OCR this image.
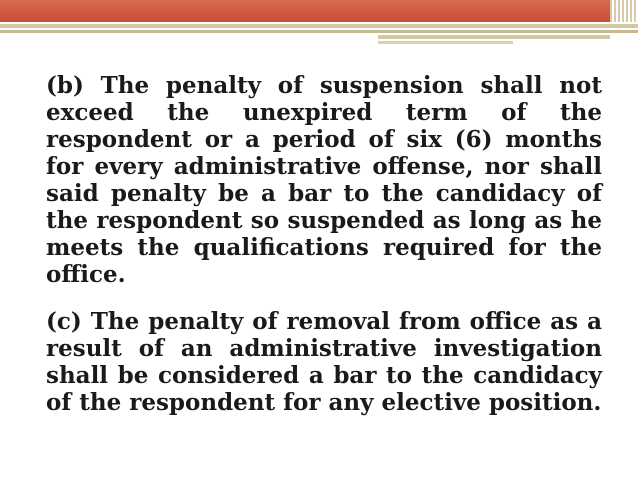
(b) The penalty of suspension shall not exceed the unexpired term of the respondent or a period of six (6) months for every administrative offense, nor shall said penalty be a bar to the candidacy of the respondent so suspended as long as he meets the qualifications required for the office.

(c) The penalty of removal from office as a result of an administrative investigation shall be considered a bar to the candidacy of the respondent for any elective position.
